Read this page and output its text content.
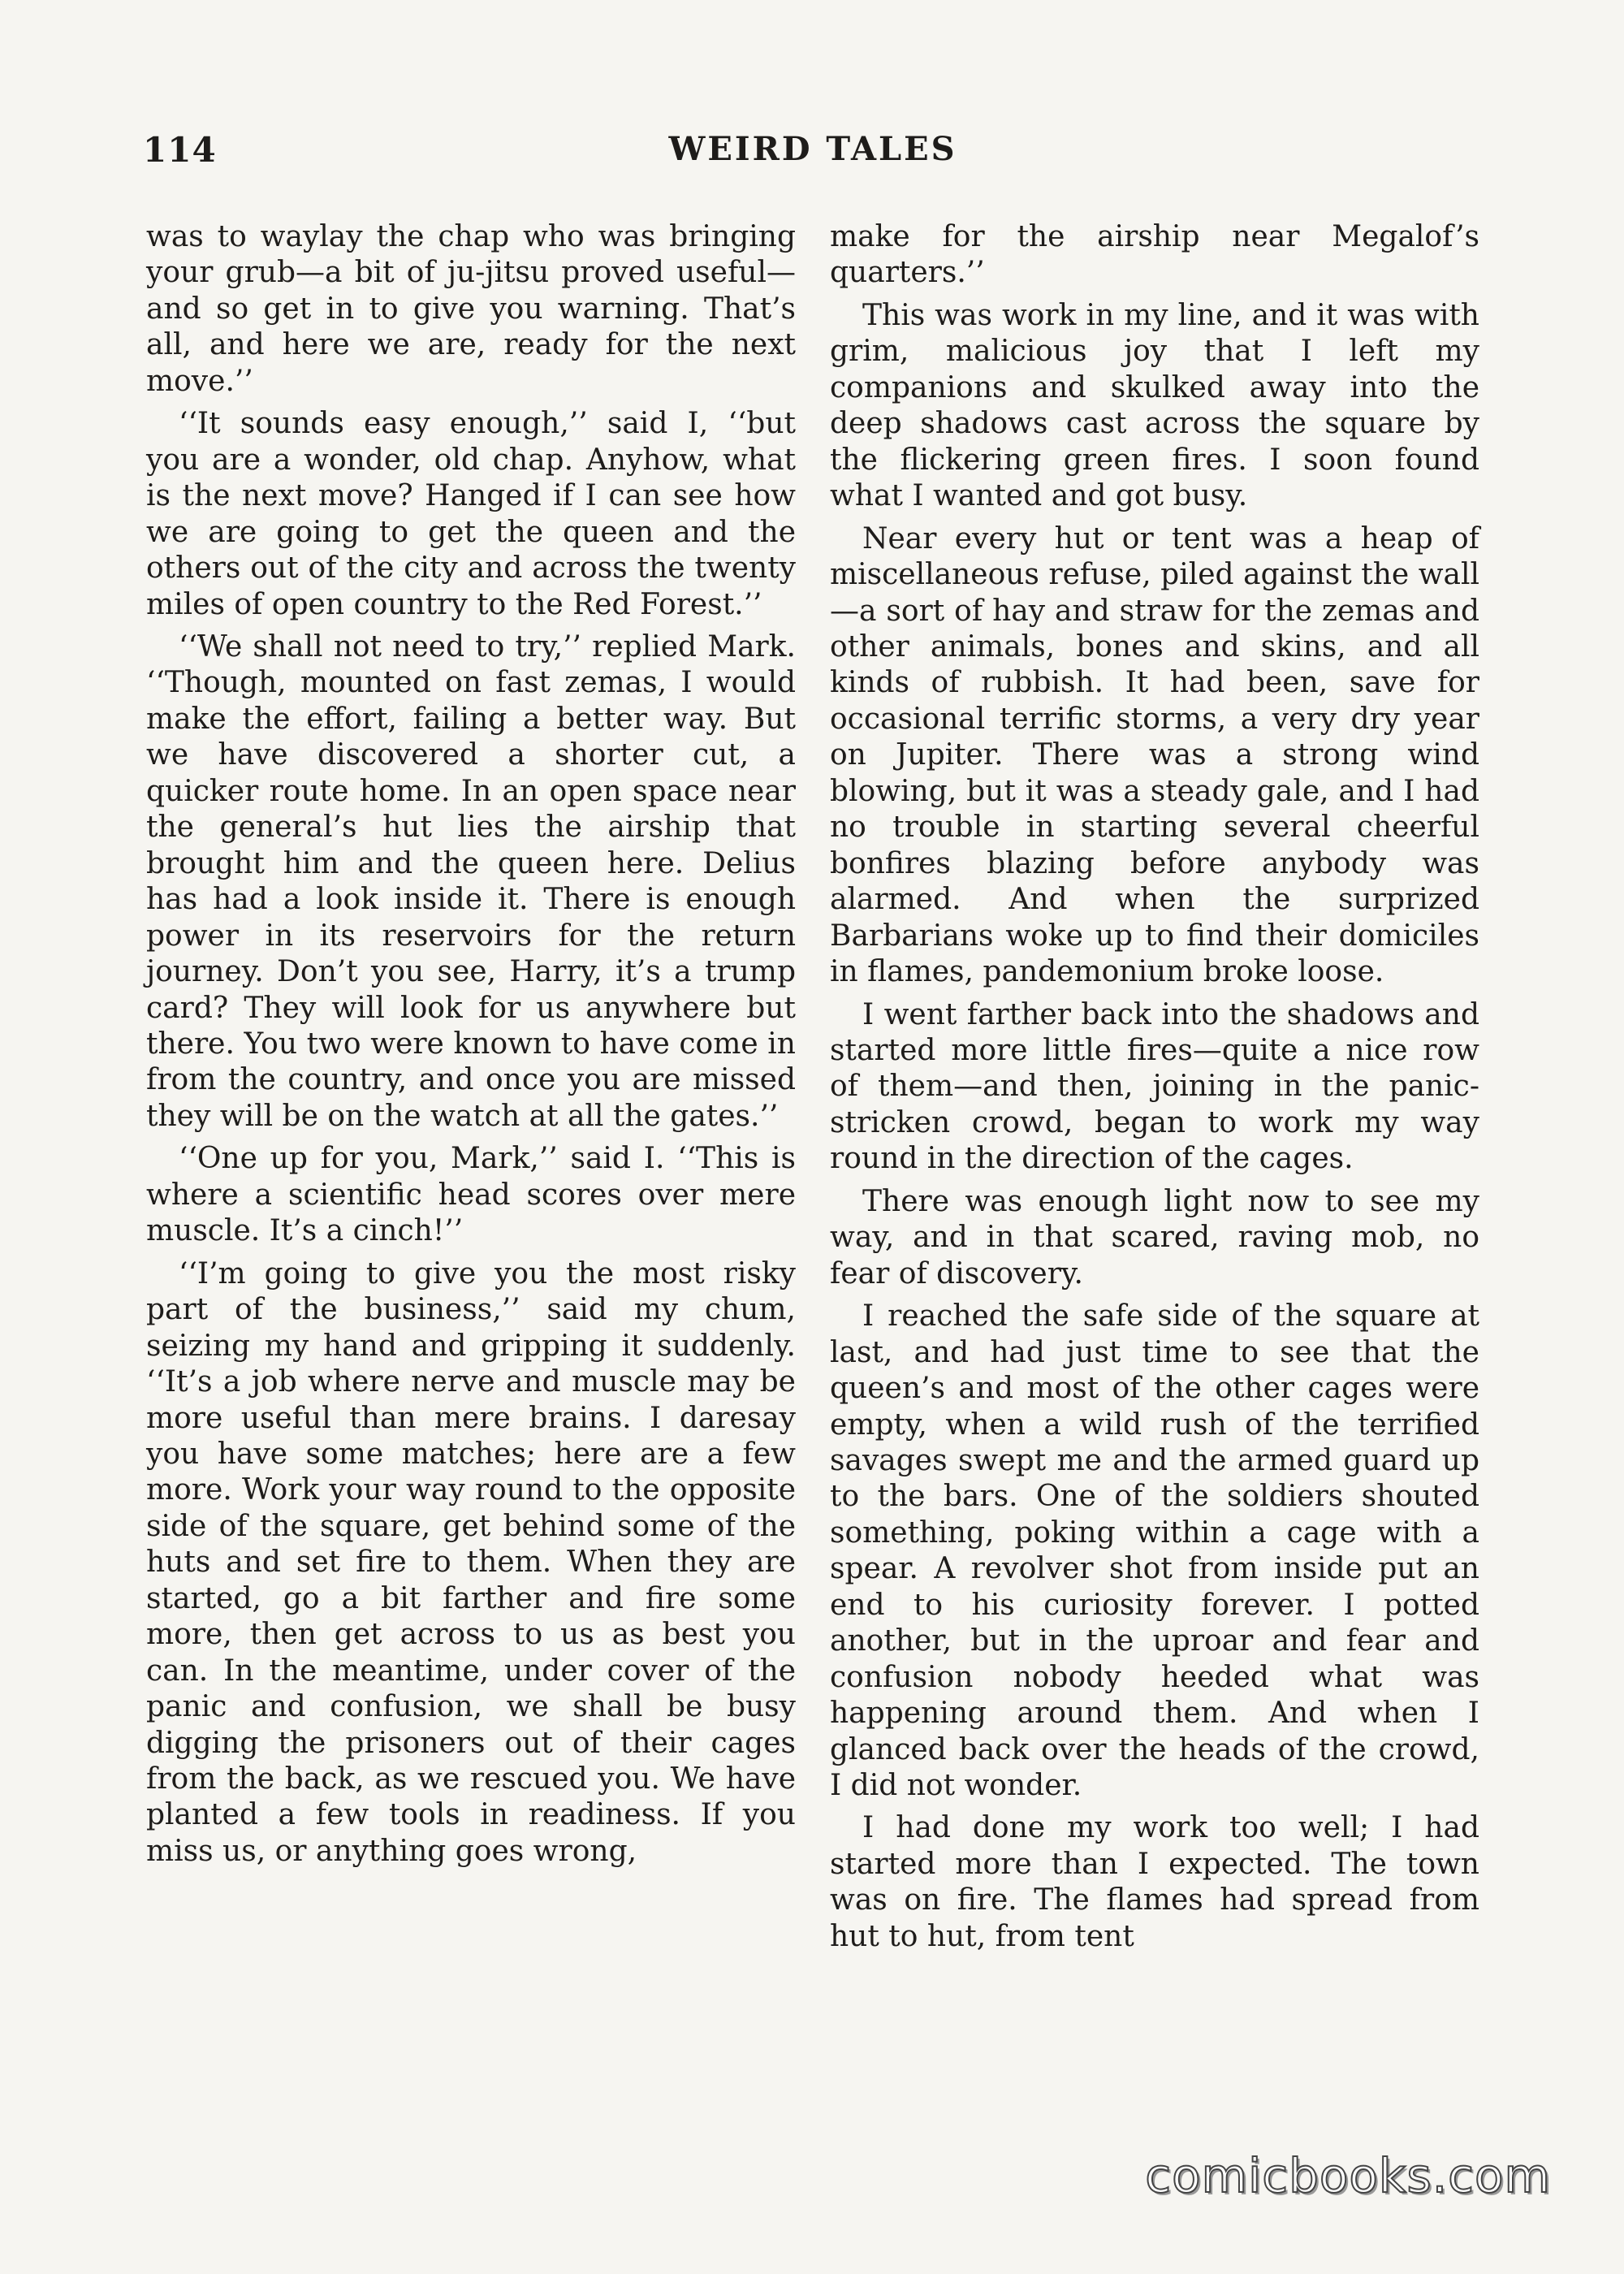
114	WEIRD TALES

was to waylay the chap who was bringing your grub—a bit of ju-jitsu proved useful—and so get in to give you warning. That’s all, and here we are, ready for the next move.’’

‘‘It sounds easy enough,’’ said I, ‘‘but you are a wonder, old chap. Anyhow, what is the next move? Hanged if I can see how we are going to get the queen and the others out of the city and across the twenty miles of open country to the Red Forest.’’

‘‘We shall not need to try,’’ replied Mark. ‘‘Though, mounted on fast zemas, I would make the effort, failing a better way. But we have discovered a shorter cut, a quicker route home. In an open space near the general’s hut lies the airship that brought him and the queen here. Delius has had a look inside it. There is enough power in its reservoirs for the return journey. Don’t you see, Harry, it’s a trump card? They will look for us anywhere but there. You two were known to have come in from the country, and once you are missed they will be on the watch at all the gates.’’

‘‘One up for you, Mark,’’ said I. ‘‘This is where a scientific head scores over mere muscle. It’s a cinch!’’

‘‘I’m going to give you the most risky part of the business,’’ said my chum, seizing my hand and gripping it suddenly. ‘‘It’s a job where nerve and muscle may be more useful than mere brains. I daresay you have some matches; here are a few more. Work your way round to the opposite side of the square, get behind some of the huts and set fire to them. When they are started, go a bit farther and fire some more, then get across to us as best you can. In the meantime, under cover of the panic and confusion, we shall be busy digging the prisoners out of their cages from the back, as we rescued you. We have planted a few tools in readiness. If you miss us, or anything goes wrong,

make for the airship near Megalof’s quarters.’’

This was work in my line, and it was with grim, malicious joy that I left my companions and skulked away into the deep shadows cast across the square by the flickering green fires. I soon found what I wanted and got busy.

Near every hut or tent was a heap of miscellaneous refuse, piled against the wall—a sort of hay and straw for the zemas and other animals, bones and skins, and all kinds of rubbish. It had been, save for occasional terrific storms, a very dry year on Jupiter. There was a strong wind blowing, but it was a steady gale, and I had no trouble in starting several cheerful bonfires blazing before anybody was alarmed. And when the surprized Barbarians woke up to find their domiciles in flames, pandemonium broke loose.

I went farther back into the shadows and started more little fires—quite a nice row of them—and then, joining in the panic-stricken crowd, began to work my way round in the direction of the cages.

There was enough light now to see my way, and in that scared, raving mob, no fear of discovery.

I reached the safe side of the square at last, and had just time to see that the queen’s and most of the other cages were empty, when a wild rush of the terrified savages swept me and the armed guard up to the bars. One of the soldiers shouted something, poking within a cage with a spear. A revolver shot from inside put an end to his curiosity forever. I potted another, but in the uproar and fear and confusion nobody heeded what was happening around them. And when I glanced back over the heads of the crowd, I did not wonder.

I had done my work too well; I had started more than I expected. The town was on fire. The flames had spread from hut to hut, from tent

comicbooks.com
